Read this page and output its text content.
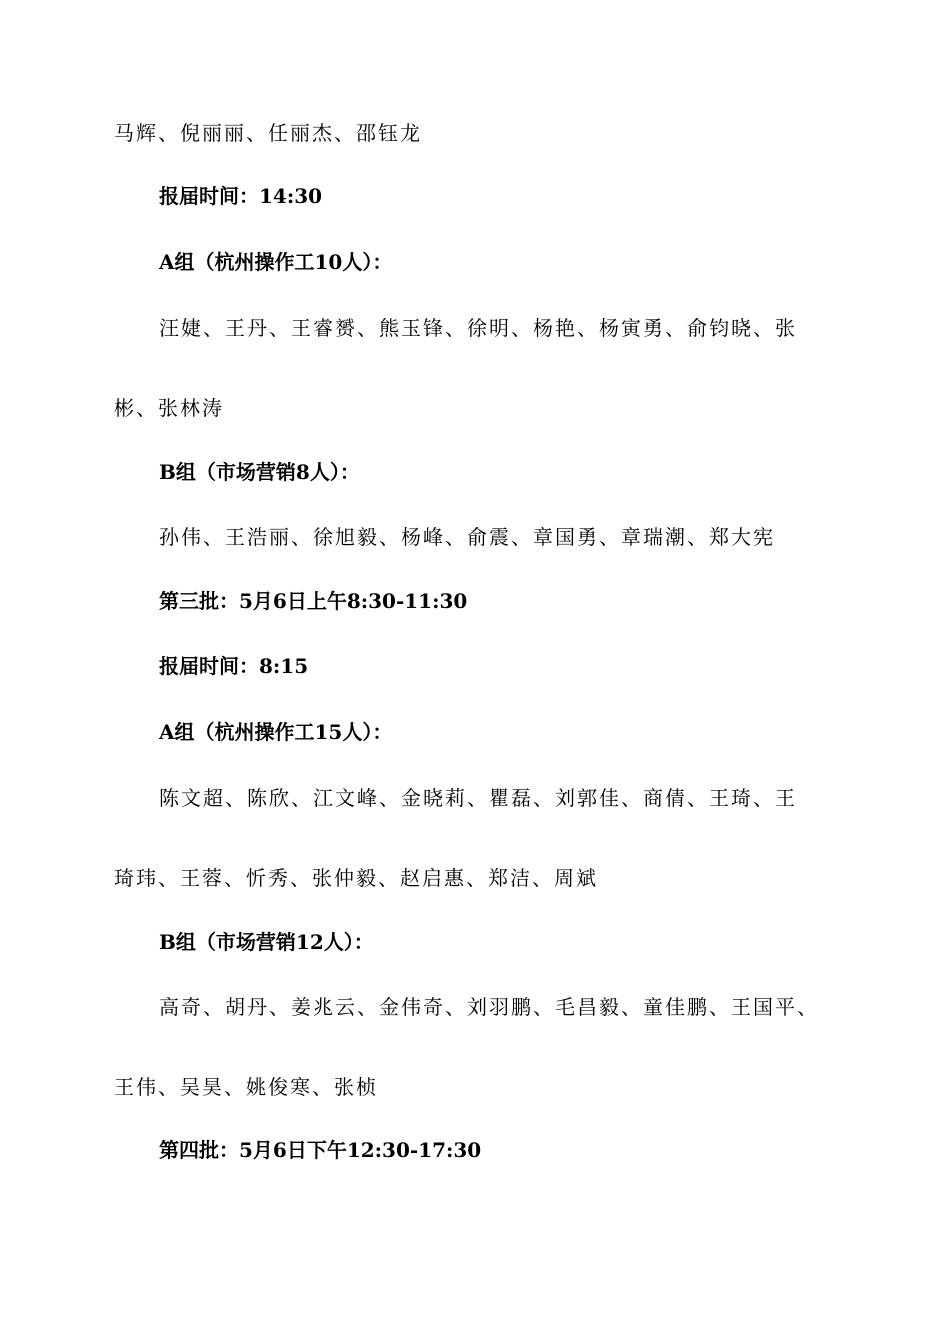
马辉、倪丽丽、任丽杰、邵钰龙
报届时间：14:30
A组（杭州操作工10人）：
汪婕、王丹、王睿赟、熊玉锋、徐明、杨艳、杨寅勇、俞钧晓、张
彬、张林涛
B组（市场营销8人）：
孙伟、王浩丽、徐旭毅、杨峰、俞震、章国勇、章瑞潮、郑大宪
第三批：5月6日上午8:30-11:30
报届时间：8:15
A组（杭州操作工15人）：
陈文超、陈欣、江文峰、金晓莉、瞿磊、刘郭佳、商倩、王琦、王
琦玮、王蓉、忻秀、张仲毅、赵启惠、郑洁、周斌
B组（市场营销12人）：
高奇、胡丹、姜兆云、金伟奇、刘羽鹏、毛昌毅、童佳鹏、王国平、
王伟、吴昊、姚俊寒、张桢
第四批：5月6日下午12:30-17:30
